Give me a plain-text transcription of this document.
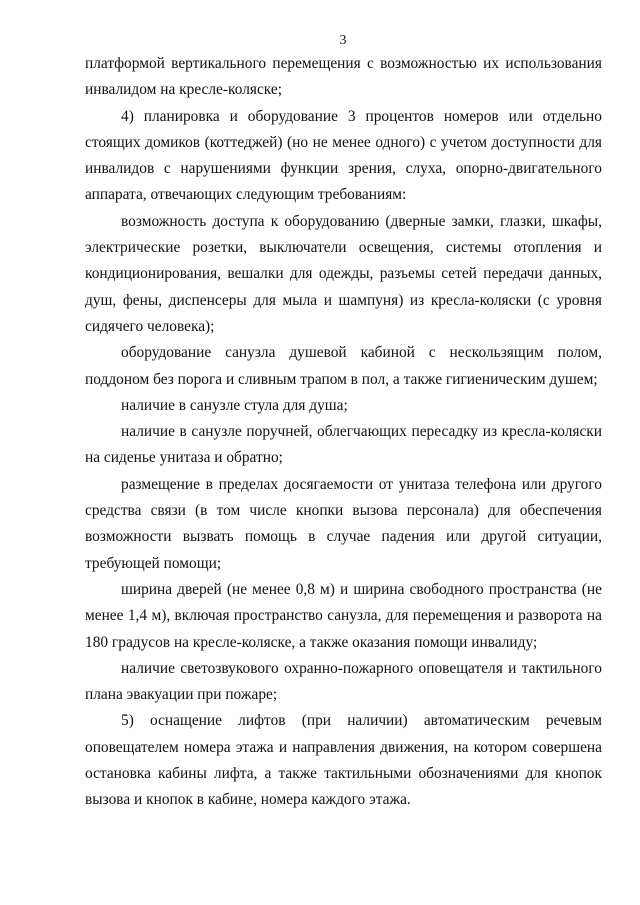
3

платформой вертикального перемещения с возможностью их использования инвалидом на кресле-коляске;

4) планировка и оборудование 3 процентов номеров или отдельно стоящих домиков (коттеджей) (но не менее одного) с учетом доступности для инвалидов с нарушениями функции зрения, слуха, опорно-двигательного аппарата, отвечающих следующим требованиям:

возможность доступа к оборудованию (дверные замки, глазки, шкафы, электрические розетки, выключатели освещения, системы отопления и кондиционирования, вешалки для одежды, разъемы сетей передачи данных, душ, фены, диспенсеры для мыла и шампуня) из кресла-коляски (с уровня сидячего человека);

оборудование санузла душевой кабиной с нескользящим полом, поддоном без порога и сливным трапом в пол, а также гигиеническим душем;

наличие в санузле стула для душа;

наличие в санузле поручней, облегчающих пересадку из кресла-коляски на сиденье унитаза и обратно;

размещение в пределах досягаемости от унитаза телефона или другого средства связи (в том числе кнопки вызова персонала) для обеспечения возможности вызвать помощь в случае падения или другой ситуации, требующей помощи;

ширина дверей (не менее 0,8 м) и ширина свободного пространства (не менее 1,4 м), включая пространство санузла, для перемещения и разворота на 180 градусов на кресле-коляске, а также оказания помощи инвалиду;

наличие светозвукового охранно-пожарного оповещателя и тактильного плана эвакуации при пожаре;

5) оснащение лифтов (при наличии) автоматическим речевым оповещателем номера этажа и направления движения, на котором совершена остановка кабины лифта, а также тактильными обозначениями для кнопок вызова и кнопок в кабине, номера каждого этажа.
